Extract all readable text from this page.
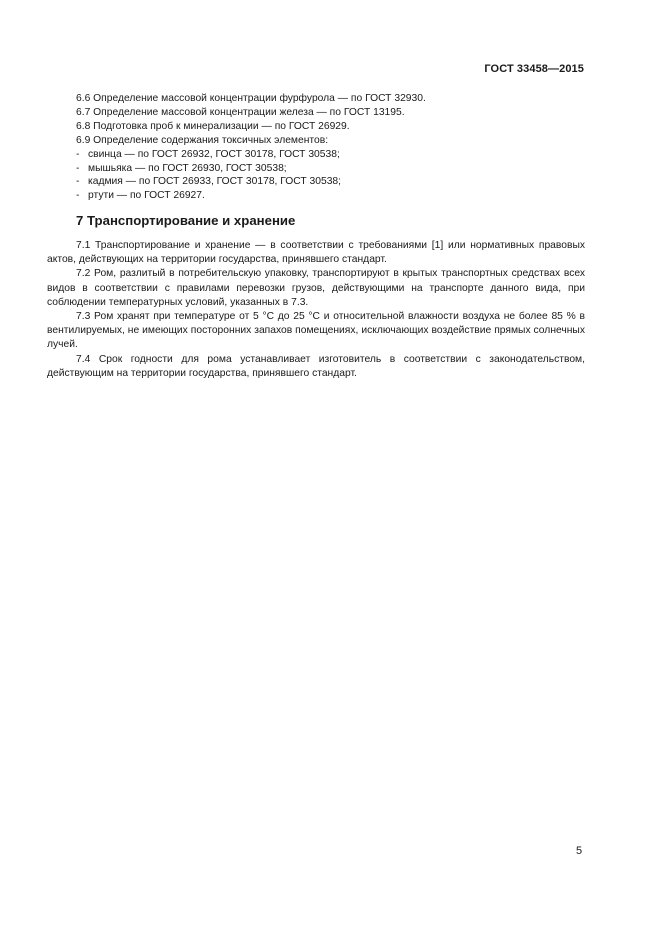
ГОСТ 33458—2015
6.6 Определение массовой концентрации фурфурола — по ГОСТ 32930.
6.7 Определение массовой концентрации железа — по ГОСТ 13195.
6.8 Подготовка проб к минерализации — по ГОСТ 26929.
6.9 Определение содержания токсичных элементов:
- свинца — по ГОСТ 26932, ГОСТ 30178, ГОСТ 30538;
- мышьяка — по ГОСТ 26930, ГОСТ 30538;
- кадмия — по ГОСТ 26933, ГОСТ 30178, ГОСТ 30538;
- ртути — по ГОСТ 26927.
7 Транспортирование и хранение

7.1 Транспортирование и хранение — в соответствии с требованиями [1] или нормативных правовых актов, действующих на территории государства, принявшего стандарт.

7.2 Ром, разлитый в потребительскую упаковку, транспортируют в крытых транспортных средствах всех видов в соответствии с правилами перевозки грузов, действующими на транспорте данного вида, при соблюдении температурных условий, указанных в 7.3.

7.3 Ром хранят при температуре от 5 °С до 25 °С и относительной влажности воздуха не более 85 % в вентилируемых, не имеющих посторонних запахов помещениях, исключающих воздействие прямых солнечных лучей.

7.4 Срок годности для рома устанавливает изготовитель в соответствии с законодательством, действующим на территории государства, принявшего стандарт.

5
